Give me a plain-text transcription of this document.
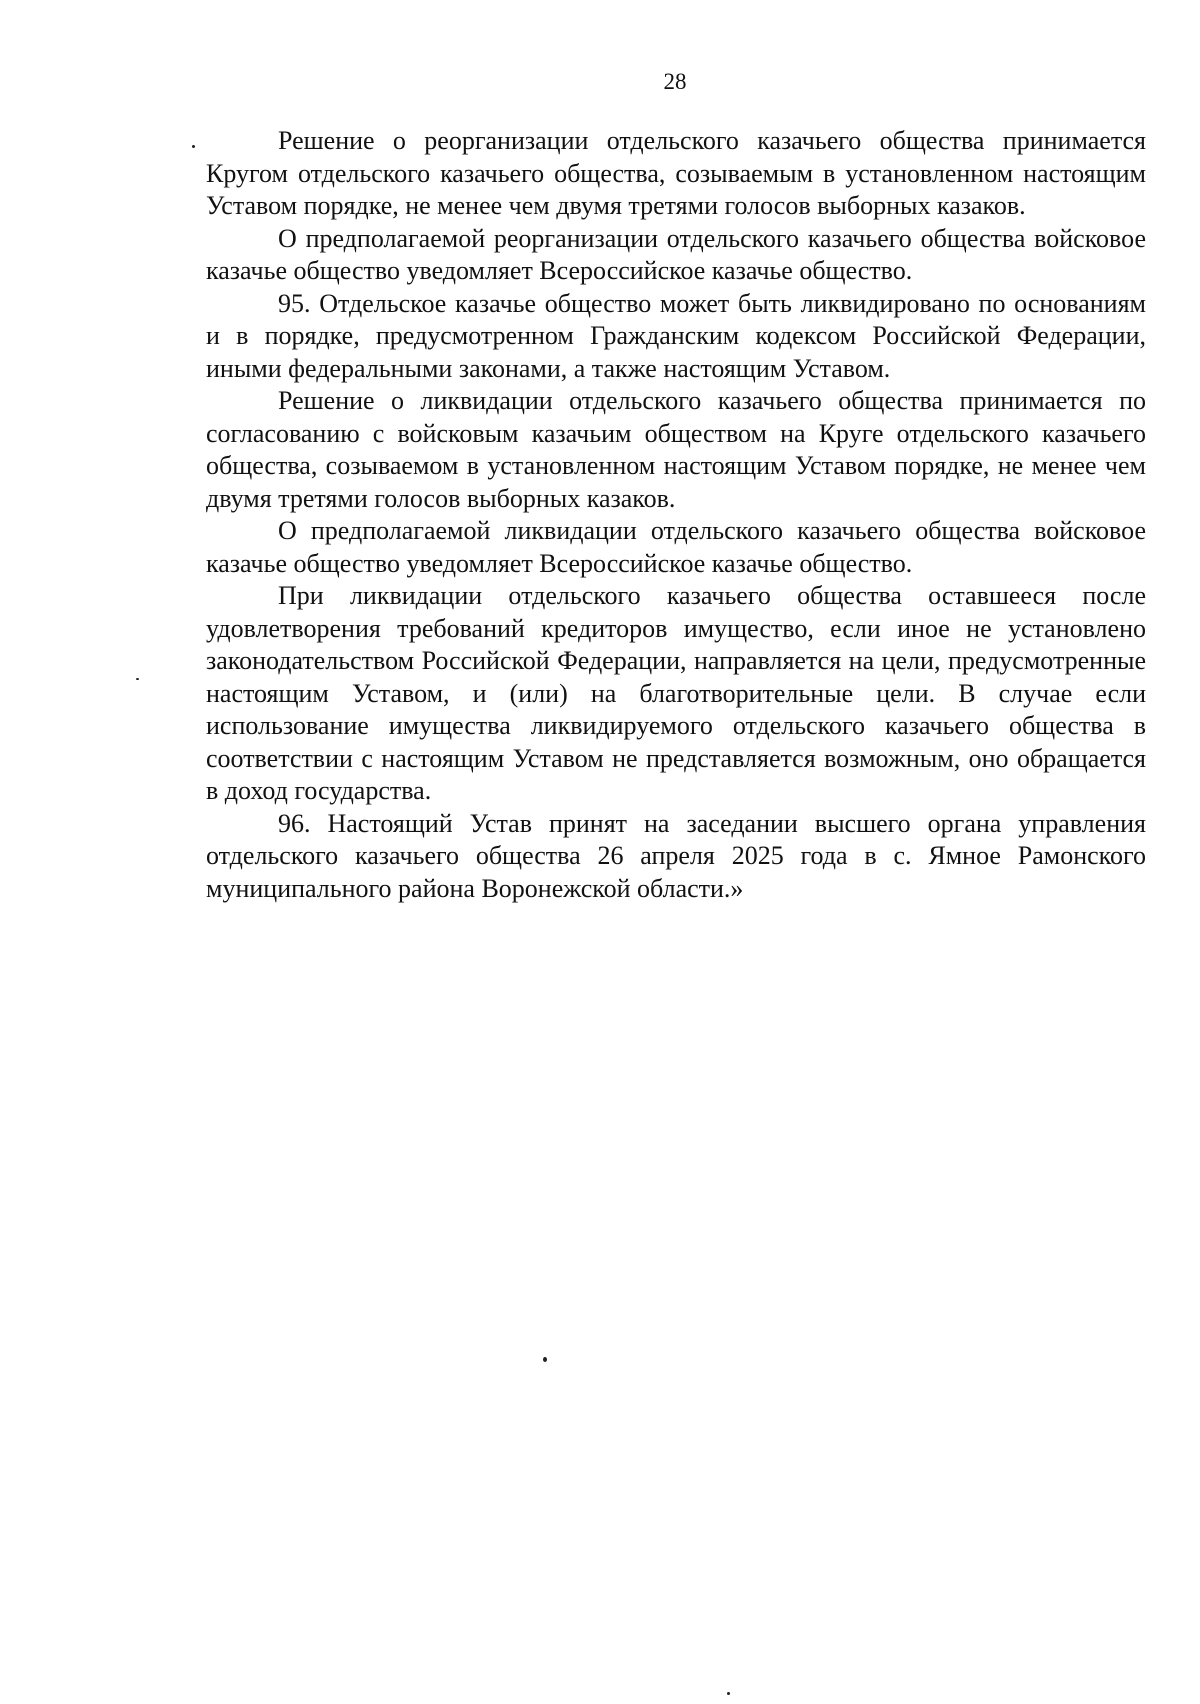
28

Решение о реорганизации отдельского казачьего общества принимается Кругом отдельского казачьего общества, созываемым в установленном настоящим Уставом порядке, не менее чем двумя третями голосов выборных казаков.

О предполагаемой реорганизации отдельского казачьего общества войсковое казачье общество уведомляет Всероссийское казачье общество.

95. Отдельское казачье общество может быть ликвидировано по основаниям и в порядке, предусмотренном Гражданским кодексом Российской Федерации, иными федеральными законами, а также настоящим Уставом.

Решение о ликвидации отдельского казачьего общества принимается по согласованию с войсковым казачьим обществом на Круге отдельского казачьего общества, созываемом в установленном настоящим Уставом порядке, не менее чем двумя третями голосов выборных казаков.

О предполагаемой ликвидации отдельского казачьего общества войсковое казачье общество уведомляет Всероссийское казачье общество.

При ликвидации отдельского казачьего общества оставшееся после удовлетворения требований кредиторов имущество, если иное не установлено законодательством Российской Федерации, направляется на цели, предусмотренные настоящим Уставом, и (или) на благотворительные цели. В случае если использование имущества ликвидируемого отдельского казачьего общества в соответствии с настоящим Уставом не представляется возможным, оно обращается в доход государства.

96. Настоящий Устав принят на заседании высшего органа управления отдельского казачьего общества 26 апреля 2025 года в с. Ямное Рамонского муниципального района Воронежской области.»
